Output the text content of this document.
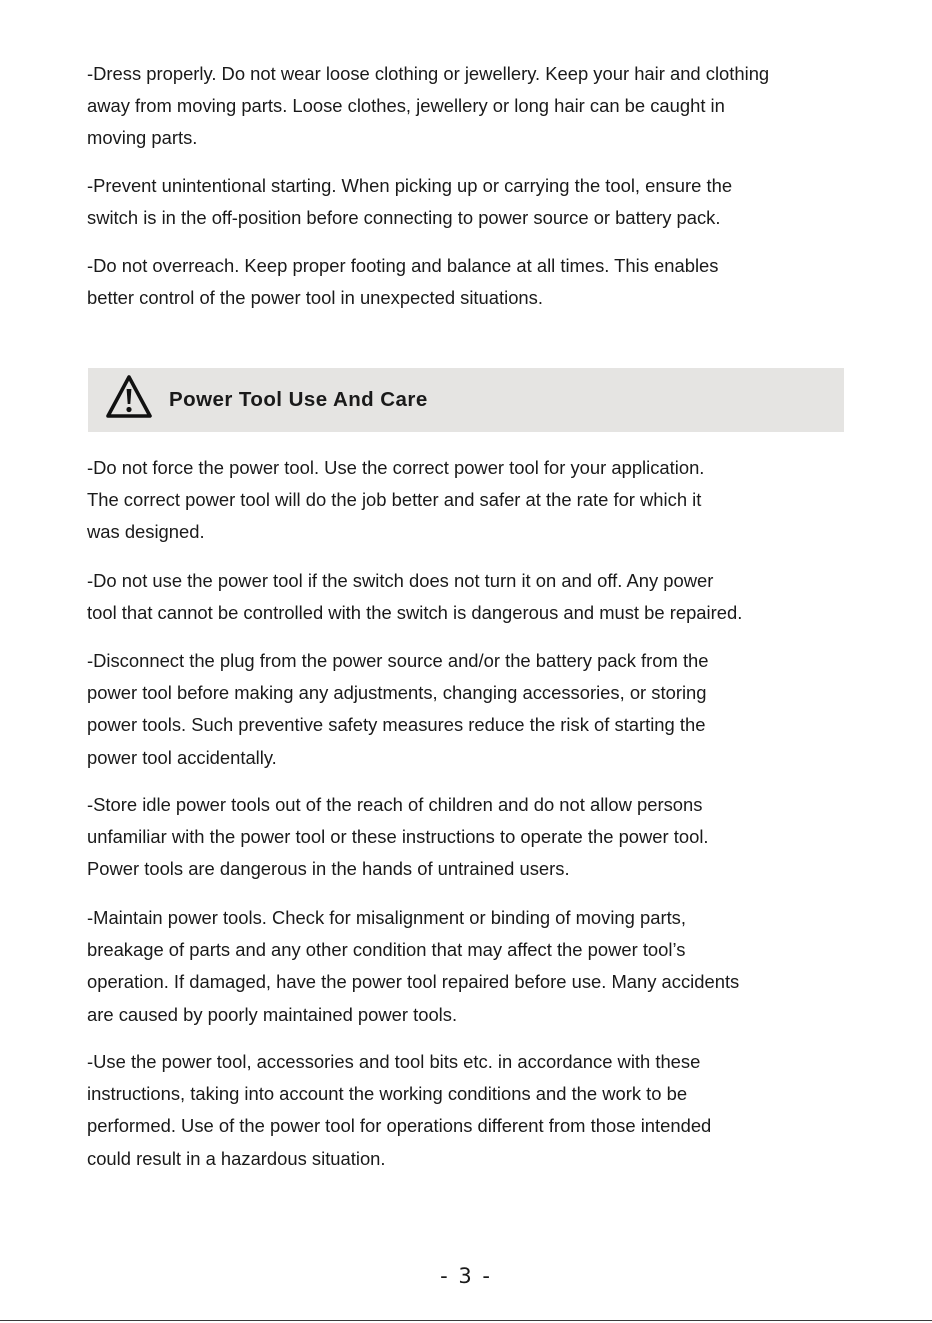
-Dress properly. Do not wear loose clothing or jewellery. Keep your hair and clothing
away from moving parts. Loose clothes, jewellery or long hair can be caught in
moving parts.

-Prevent unintentional starting. When picking up or carrying the tool, ensure the
switch is in the off-position before connecting to power source or battery pack.

-Do not overreach. Keep proper footing and balance at all times. This enables
better control of the power tool in unexpected situations.

Power Tool Use And Care

-Do not force the power tool. Use the correct power tool for your application.
The correct power tool will do the job better and safer at the rate for which it
was designed.

-Do not use the power tool if the switch does not turn it on and off. Any power
tool that cannot be controlled with the switch is dangerous and must be repaired.

-Disconnect the plug from the power source and/or the battery pack from the
power tool before making any adjustments, changing accessories, or storing
power tools. Such preventive safety measures reduce the risk of starting the
power tool accidentally.

-Store idle power tools out of the reach of children and do not allow persons
unfamiliar with the power tool or these instructions to operate the power tool.
Power tools are dangerous in the hands of untrained users.

-Maintain power tools. Check for misalignment or binding of moving parts,
breakage of parts and any other condition that may affect the power tool’s
operation. If damaged, have the power tool repaired before use. Many accidents
are caused by poorly maintained power tools.

-Use the power tool, accessories and tool bits etc. in accordance with these
instructions, taking into account the working conditions and the work to be
performed. Use of the power tool for operations different from those intended
could result in a hazardous situation.

- 3 -
